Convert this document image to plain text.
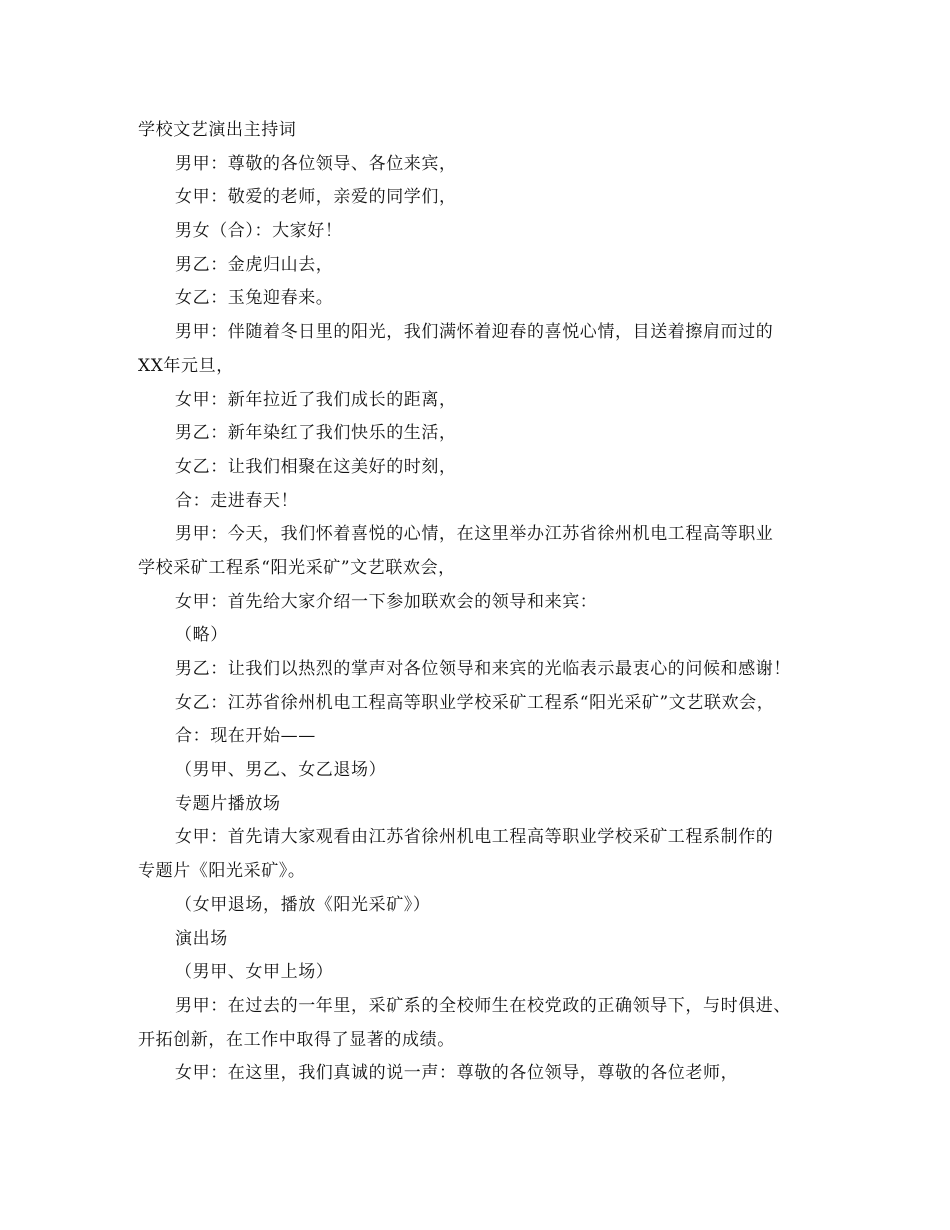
学校文艺演出主持词
男甲：尊敬的各位领导、各位来宾，
女甲：敬爱的老师，亲爱的同学们，
男女（合）：大家好！
男乙：金虎归山去，
女乙：玉兔迎春来。
男甲：伴随着冬日里的阳光，我们满怀着迎春的喜悦心情，目送着擦肩而过的
XX年元旦，
女甲：新年拉近了我们成长的距离，
男乙：新年染红了我们快乐的生活，
女乙：让我们相聚在这美好的时刻，
合：走进春天！
男甲：今天，我们怀着喜悦的心情，在这里举办江苏省徐州机电工程高等职业
学校采矿工程系“阳光采矿”文艺联欢会，
女甲：首先给大家介绍一下参加联欢会的领导和来宾：
（略）
男乙：让我们以热烈的掌声对各位领导和来宾的光临表示最衷心的问候和感谢！
女乙：江苏省徐州机电工程高等职业学校采矿工程系“阳光采矿”文艺联欢会，
合：现在开始——
（男甲、男乙、女乙退场）
专题片播放场
女甲：首先请大家观看由江苏省徐州机电工程高等职业学校采矿工程系制作的
专题片《阳光采矿》。
（女甲退场，播放《阳光采矿》）
演出场
（男甲、女甲上场）
男甲：在过去的一年里，采矿系的全校师生在校党政的正确领导下，与时俱进、
开拓创新，在工作中取得了显著的成绩。
女甲：在这里，我们真诚的说一声：尊敬的各位领导，尊敬的各位老师，
